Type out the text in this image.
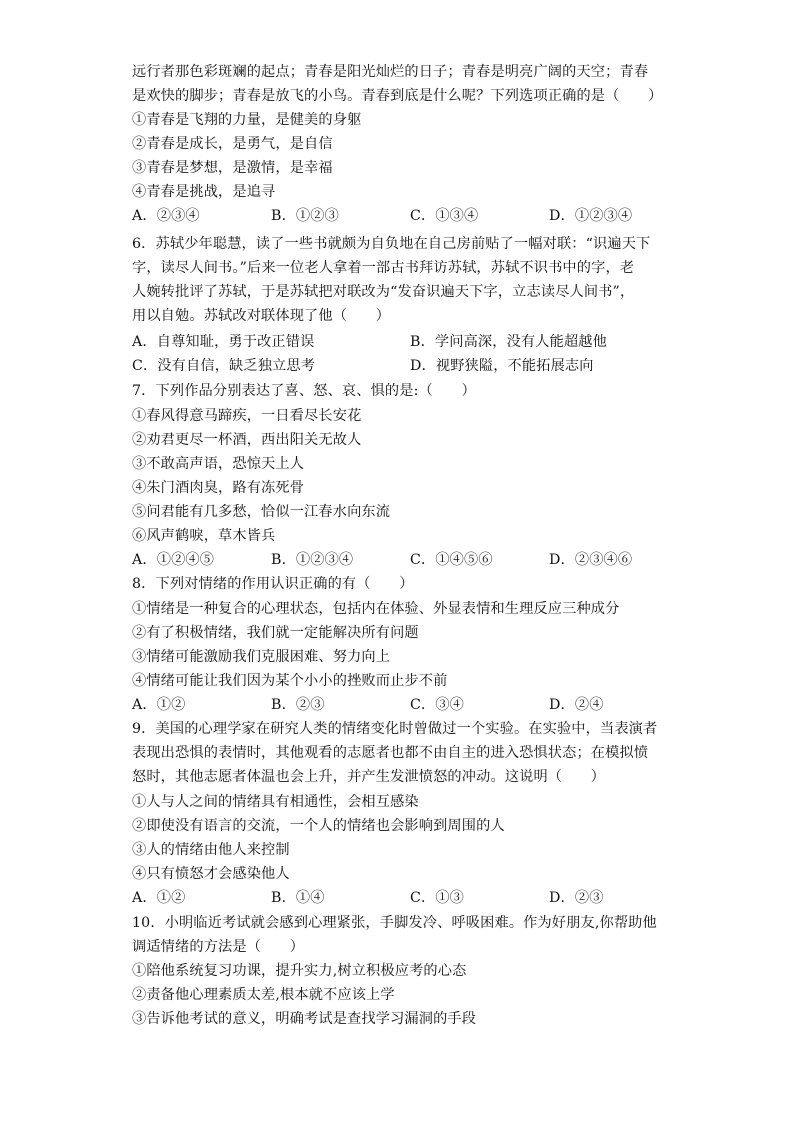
远行者那色彩斑斓的起点；青春是阳光灿烂的日子；青春是明亮广阔的天空；青春
是欢快的脚步；青春是放飞的小鸟。青春到底是什么呢？下列选项正确的是（　　）
①青春是飞翔的力量，是健美的身躯
②青春是成长，是勇气，是自信
③青春是梦想，是激情，是幸福
④青春是挑战，是追寻
A．②③④	B．①②③	C．①③④	D．①②③④
6．苏轼少年聪慧，读了一些书就颇为自负地在自己房前贴了一幅对联：“识遍天下
字，读尽人间书。”后来一位老人拿着一部古书拜访苏轼，苏轼不识书中的字，老
人婉转批评了苏轼，于是苏轼把对联改为“发奋识遍天下字，立志读尽人间书”，
用以自勉。苏轼改对联体现了他（　　）
A．自尊知耻，勇于改正错误	B．学问高深，没有人能超越他
C．没有自信，缺乏独立思考	D．视野狭隘，不能拓展志向
7．下列作品分别表达了喜、怒、哀、惧的是:（　　）
①春风得意马蹄疾，一日看尽长安花
②劝君更尽一杯酒，西出阳关无故人
③不敢高声语，恐惊天上人
④朱门酒肉臭，路有冻死骨
⑤问君能有几多愁，恰似一江春水向东流
⑥风声鹤唳，草木皆兵
A．①②④⑤	B．①②③④	C．①④⑤⑥	D．②③④⑥
8．下列对情绪的作用认识正确的有（　　）
①情绪是一种复合的心理状态，包括内在体验、外显表情和生理反应三种成分
②有了积极情绪，我们就一定能解决所有问题
③情绪可能激励我们克服困难、努力向上
④情绪可能让我们因为某个小小的挫败而止步不前
A．①②	B．②③	C．③④	D．②④
9．美国的心理学家在研究人类的情绪变化时曾做过一个实验。在实验中，当表演者
表现出恐惧的表情时，其他观看的志愿者也都不由自主的进入恐惧状态；在模拟愤
怒时，其他志愿者体温也会上升，并产生发泄愤怒的冲动。这说明（　　）
①人与人之间的情绪具有相通性，会相互感染
②即使没有语言的交流，一个人的情绪也会影响到周围的人
③人的情绪由他人来控制
④只有愤怒才会感染他人
A．①②	B．①④	C．①③	D．②③
10．小明临近考试就会感到心理紧张，手脚发冷、呼吸困难。作为好朋友,你帮助他
调适情绪的方法是（　　）
①陪他系统复习功课，提升实力,树立积极应考的心态
②责备他心理素质太差,根本就不应该上学
③告诉他考试的意义，明确考试是查找学习漏洞的手段
